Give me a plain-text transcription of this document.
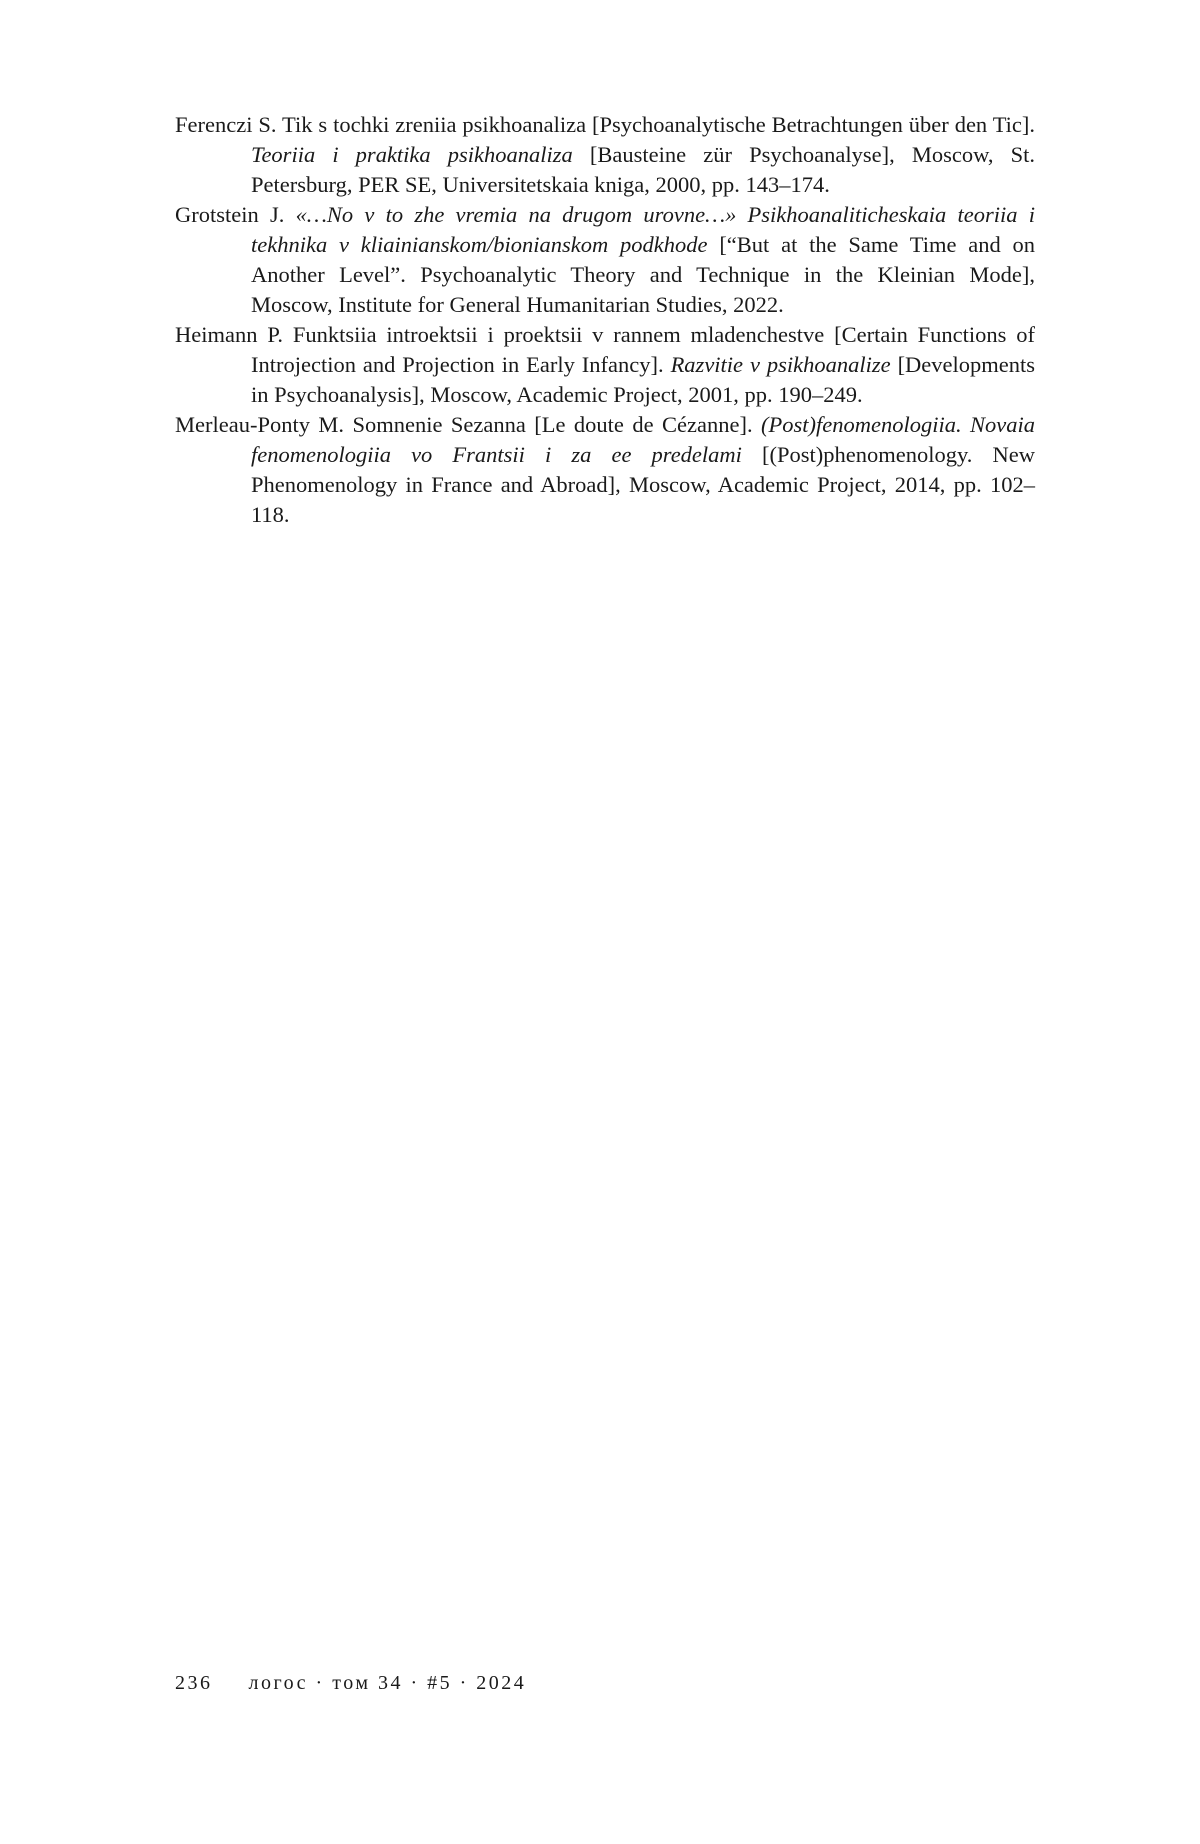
Ferenczi S. Tik s tochki zreniia psikhoanaliza [Psychoanalytische Betrachtungen über den Tic]. Teoriia i praktika psikhoanaliza [Bausteine zür Psychoanalyse], Moscow, St. Petersburg, PER SE, Universitetskaia kniga, 2000, pp. 143–174.

Grotstein J. «…No v to zhe vremia na drugom urovne…» Psikhoanaliticheskaia teoriia i tekhnika v kliainianskom/bionianskom podkhode [“But at the Same Time and on Another Level”. Psychoanalytic Theory and Technique in the Kleinian Mode], Moscow, Institute for General Humanitarian Studies, 2022.

Heimann P. Funktsiia introektsii i proektsii v rannem mladenchestve [Certain Functions of Introjection and Projection in Early Infancy]. Razvitie v psikhoanalize [Developments in Psychoanalysis], Moscow, Academic Project, 2001, pp. 190–249.

Merleau-Ponty M. Somnenie Sezanna [Le doute de Cézanne]. (Post)fenomenologiia. Novaia fenomenologiia vo Frantsii i za ee predelami [(Post)phenomenology. New Phenomenology in France and Abroad], Moscow, Academic Project, 2014, pp. 102–118.

236 логос · том 34 · #5 · 2024
